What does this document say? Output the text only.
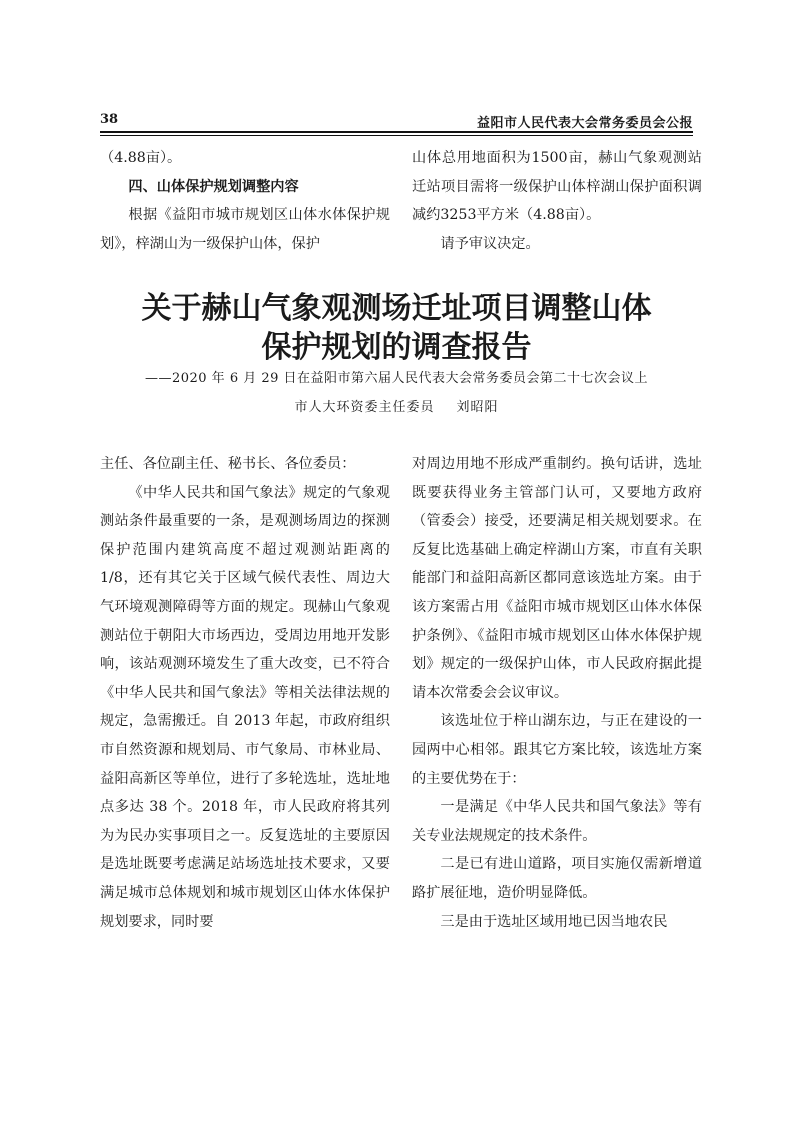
38	益阳市人民代表大会常务委员会公报

（4.88亩）。

四、山体保护规划调整内容

根据《益阳市城市规划区山体水体保护规划》，梓湖山为一级保护山体，保护

山体总用地面积为1500亩，赫山气象观测站迁站项目需将一级保护山体梓湖山保护面积调减约3253平方米（4.88亩）。

请予审议决定。

关于赫山气象观测场迁址项目调整山体
保护规划的调查报告
——2020 年 6 月 29 日在益阳市第六届人民代表大会常务委员会第二十七次会议上
市人大环资委主任委员 刘昭阳

主任、各位副主任、秘书长、各位委员：

《中华人民共和国气象法》规定的气象观测站条件最重要的一条，是观测场周边的探测保护范围内建筑高度不超过观测站距离的 1/8，还有其它关于区域气候代表性、周边大气环境观测障碍等方面的规定。现赫山气象观测站位于朝阳大市场西边，受周边用地开发影响，该站观测环境发生了重大改变，已不符合《中华人民共和国气象法》等相关法律法规的规定，急需搬迁。自 2013 年起，市政府组织市自然资源和规划局、市气象局、市林业局、益阳高新区等单位，进行了多轮选址，选址地点多达 38 个。2018 年，市人民政府将其列为为民办实事项目之一。反复选址的主要原因是选址既要考虑满足站场选址技术要求，又要满足城市总体规划和城市规划区山体水体保护规划要求，同时要

对周边用地不形成严重制约。换句话讲，选址既要获得业务主管部门认可，又要地方政府（管委会）接受，还要满足相关规划要求。在反复比选基础上确定梓湖山方案，市直有关职能部门和益阳高新区都同意该选址方案。由于该方案需占用《益阳市城市规划区山体水体保护条例》、《益阳市城市规划区山体水体保护规划》规定的一级保护山体，市人民政府据此提请本次常委会会议审议。

该选址位于梓山湖东边，与正在建设的一园两中心相邻。跟其它方案比较，该选址方案的主要优势在于：

一是满足《中华人民共和国气象法》等有关专业法规规定的技术条件。

二是已有进山道路，项目实施仅需新增道路扩展征地，造价明显降低。

三是由于选址区域用地已因当地农民
